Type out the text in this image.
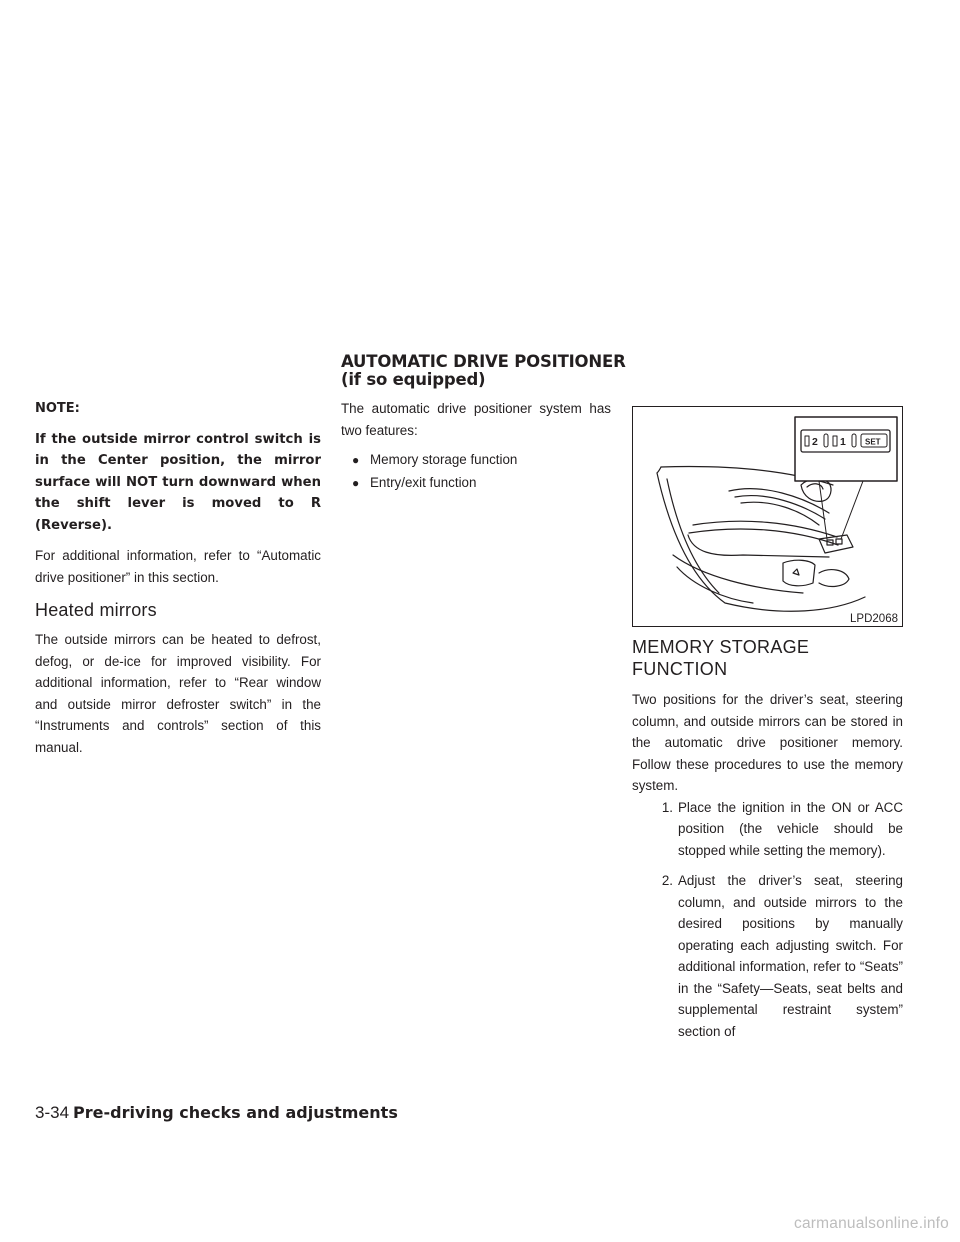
AUTOMATIC DRIVE POSITIONER (if so equipped)

NOTE:

If the outside mirror control switch is in the Center position, the mirror surface will NOT turn downward when the shift lever is moved to R (Reverse).

For additional information, refer to “Automatic drive positioner” in this section.

Heated mirrors

The outside mirrors can be heated to defrost, defog, or de-ice for improved visibility. For additional information, refer to “Rear window and outside mirror defroster switch” in the “Instruments and controls” section of this manual.

The automatic drive positioner system has two features:

● Memory storage function
● Entry/exit function
2 1 SET
LPD2068
MEMORY STORAGE FUNCTION

Two positions for the driver’s seat, steering column, and outside mirrors can be stored in the automatic drive positioner memory. Follow these procedures to use the memory system.

1. Place the ignition in the ON or ACC position (the vehicle should be stopped while setting the memory).
2. Adjust the driver’s seat, steering column, and outside mirrors to the desired positions by manually operating each adjusting switch. For additional information, refer to “Seats” in the “Safety—Seats, seat belts and supplemental restraint system” section of
3-34 Pre-driving checks and adjustments
carmanualsonline.info
